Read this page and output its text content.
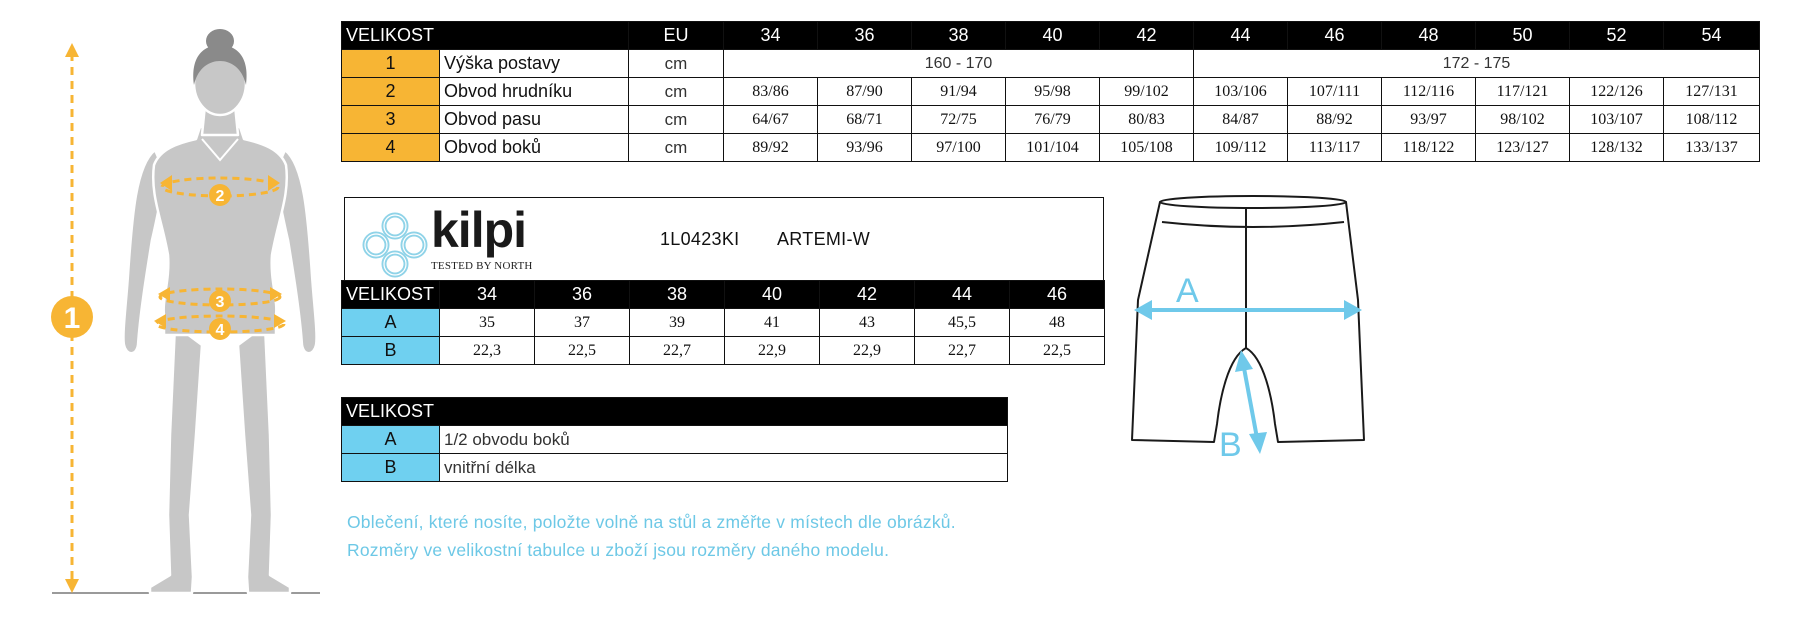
1
2
3
4
VELIKOST		EU	34	36	38	40	42	44	46	48	50	52	54
1	Výška postavy	cm	160 - 170					172 - 175					
2	Obvod hrudníku	cm	83/86	87/90	91/94	95/98	99/102	103/106	107/111	112/116	117/121	122/126	127/131
3	Obvod pasu	cm	64/67	68/71	72/75	76/79	80/83	84/87	88/92	93/97	98/102	103/107	108/112
4	Obvod boků	cm	89/92	93/96	97/100	101/104	105/108	109/112	113/117	118/122	123/127	128/132	133/137
kilpi
TESTED BY NORTH
1L0423KI ARTEMI-W
VELIKOST	34	36	38	40	42	44	46
A	35	37	39	41	43	45,5	48
B	22,3	22,5	22,7	22,9	22,9	22,7	22,5
VELIKOST	
A	1/2 obvodu boků
B	vnitřní délka
A
B
Oblečení, které nosíte, položte volně na stůl a změřte v místech dle obrázků.
Rozměry ve velikostní tabulce u zboží jsou rozměry daného modelu.
